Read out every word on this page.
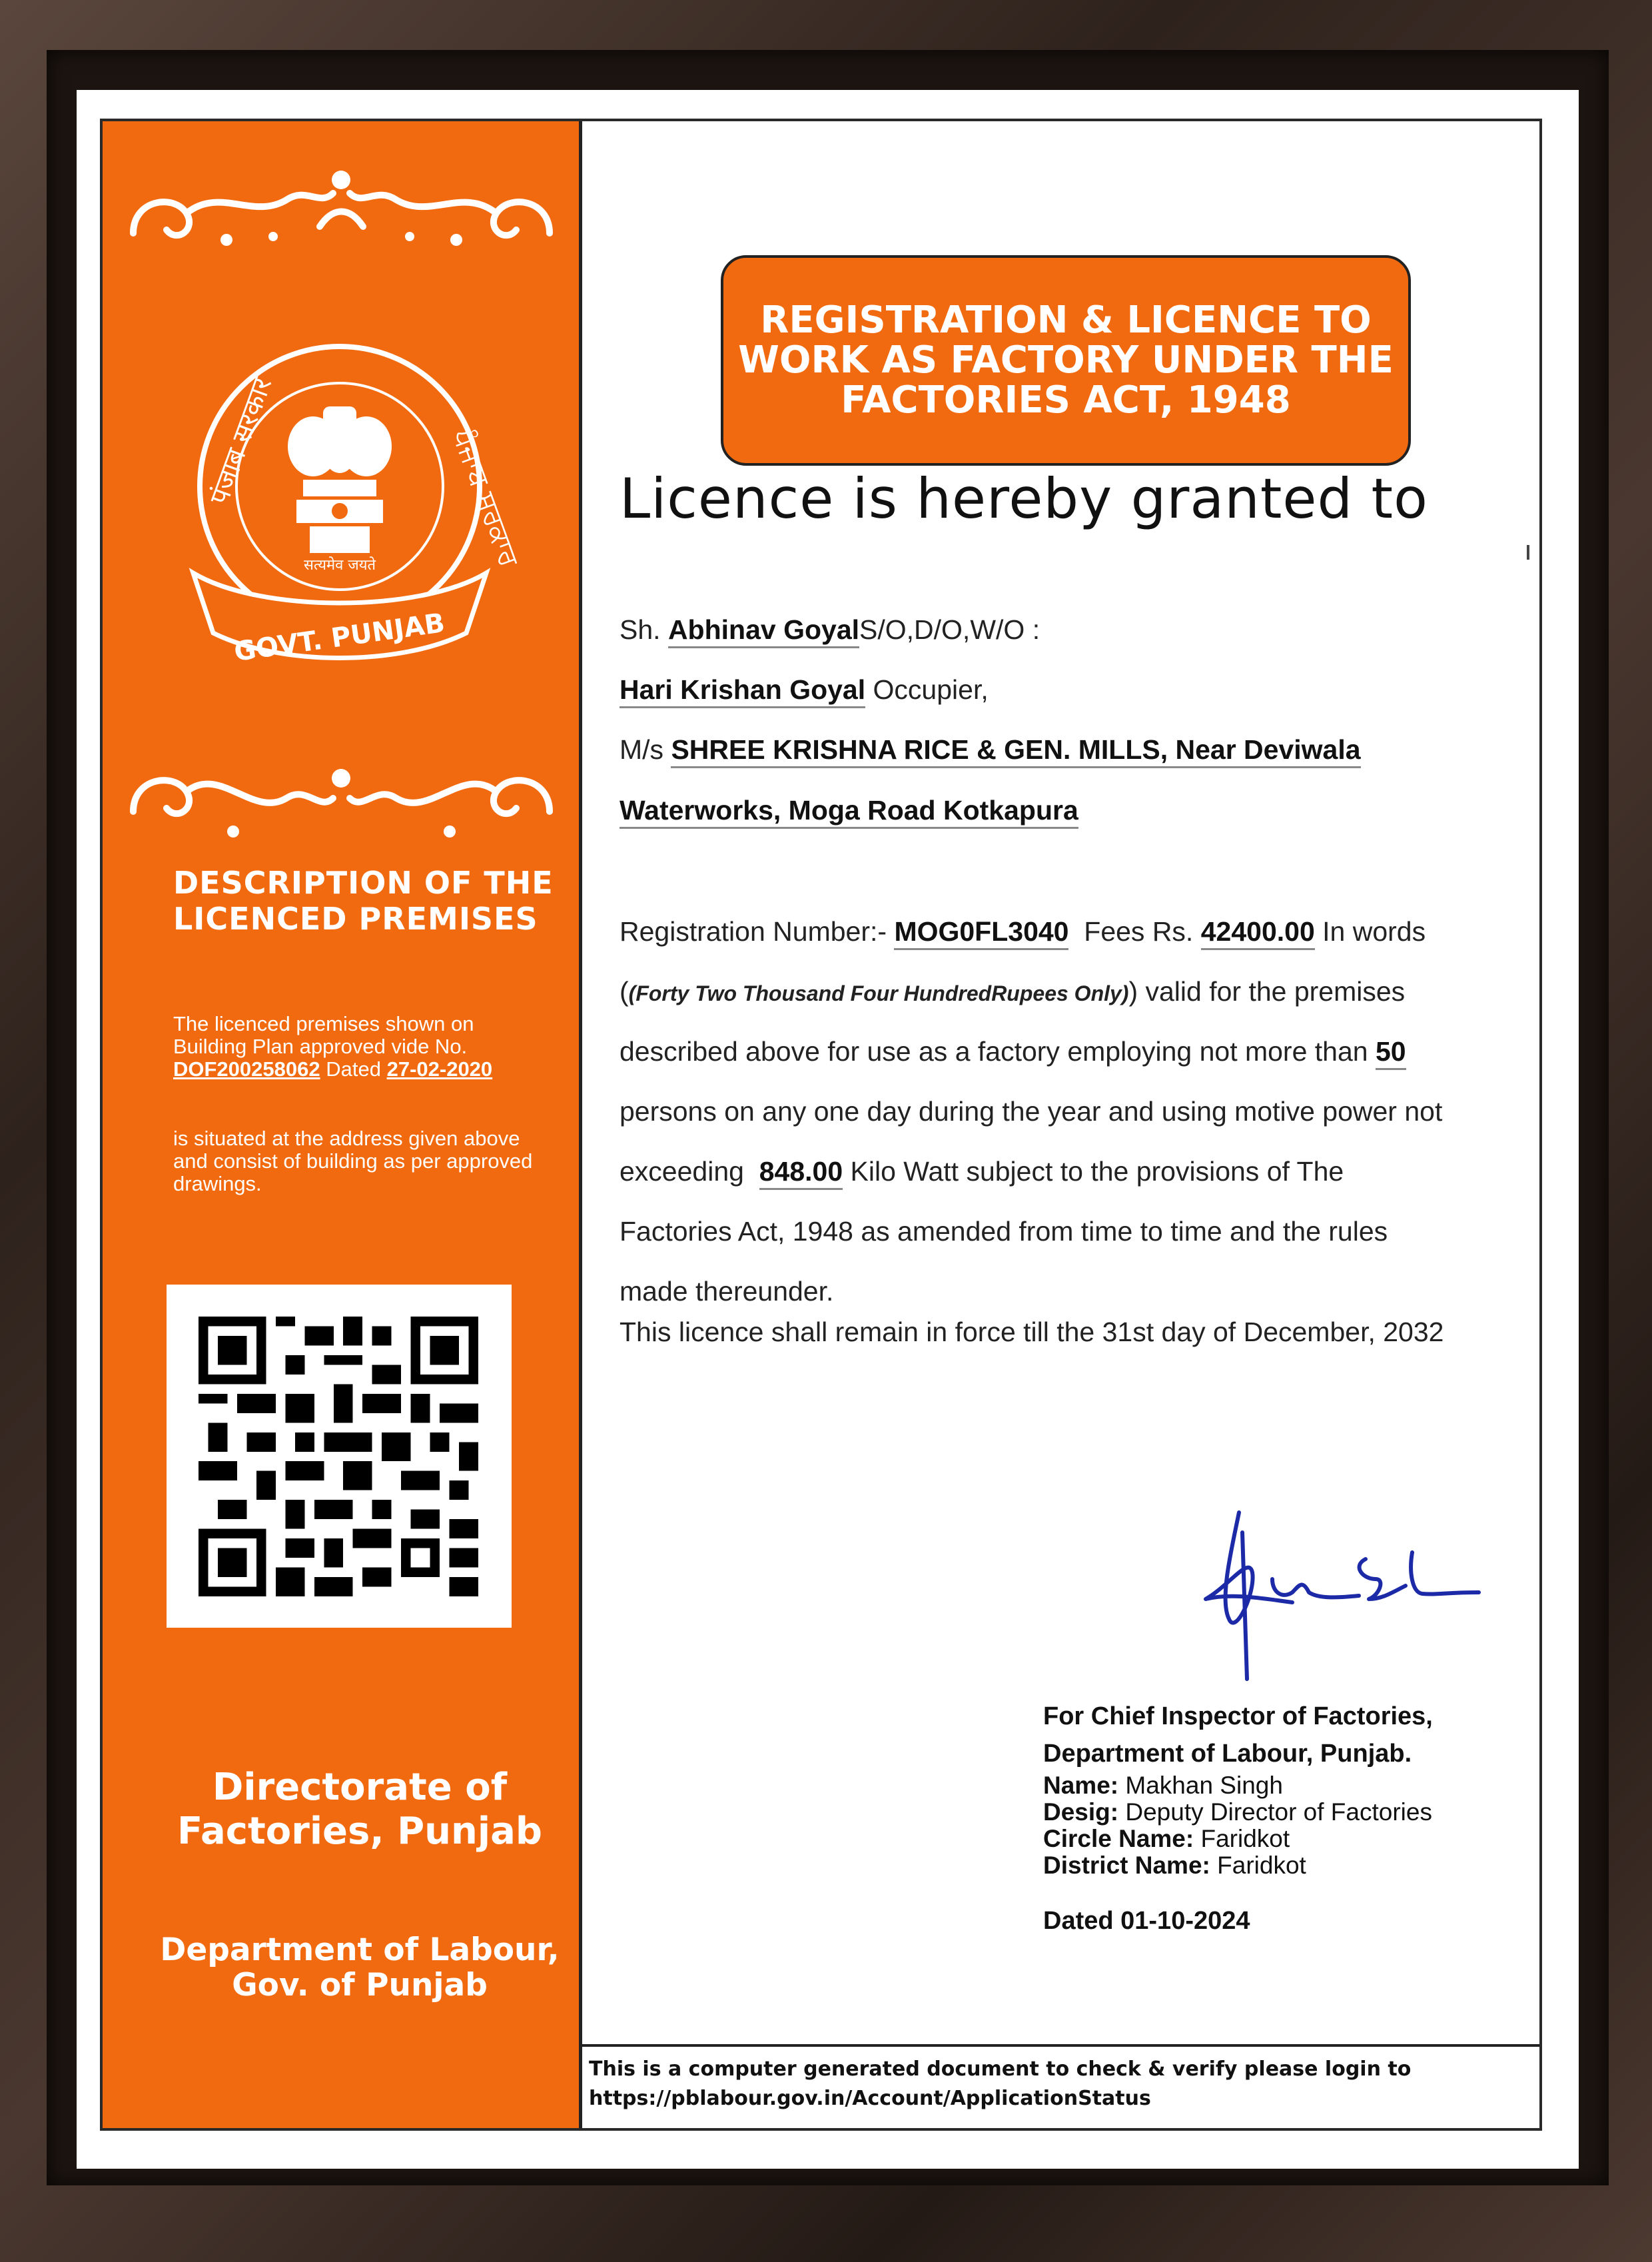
पंजाब सरकार	ਪੰਜਾਬ ਸਰਕਾਰ
सत्यमेव जयते
GOVT. PUNJAB
DESCRIPTION OF THE LICENCED PREMISES
The licenced premises shown on Building Plan approved vide No.
DOF200258062 Dated 27-02-2020
is situated at the address given above and consist of building as per approved drawings.
Directorate of Factories, Punjab
Department of Labour, Gov. of Punjab
REGISTRATION & LICENCE TO WORK AS FACTORY UNDER THE FACTORIES ACT, 1948
Licence is hereby granted to
Sh. Abhinav GoyalS/O,D/O,W/O :
Hari Krishan Goyal Occupier,
M/s SHREE KRISHNA RICE & GEN. MILLS, Near Deviwala
Waterworks, Moga Road Kotkapura
Registration Number:- MOG0FL3040 Fees Rs. 42400.00 In words
((Forty Two Thousand Four HundredRupees Only)) valid for the premises
described above for use as a factory employing not more than 50
persons on any one day during the year and using motive power not
exceeding 848.00 Kilo Watt subject to the provisions of The
Factories Act, 1948 as amended from time to time and the rules
made thereunder.
This licence shall remain in force till the 31st day of December, 2032
For Chief Inspector of Factories,
Department of Labour, Punjab.
Name: Makhan Singh
Desig: Deputy Director of Factories
Circle Name: Faridkot
District Name: Faridkot
Dated 01-10-2024
This is a computer generated document to check & verify please login to
https://pblabour.gov.in/Account/ApplicationStatus
